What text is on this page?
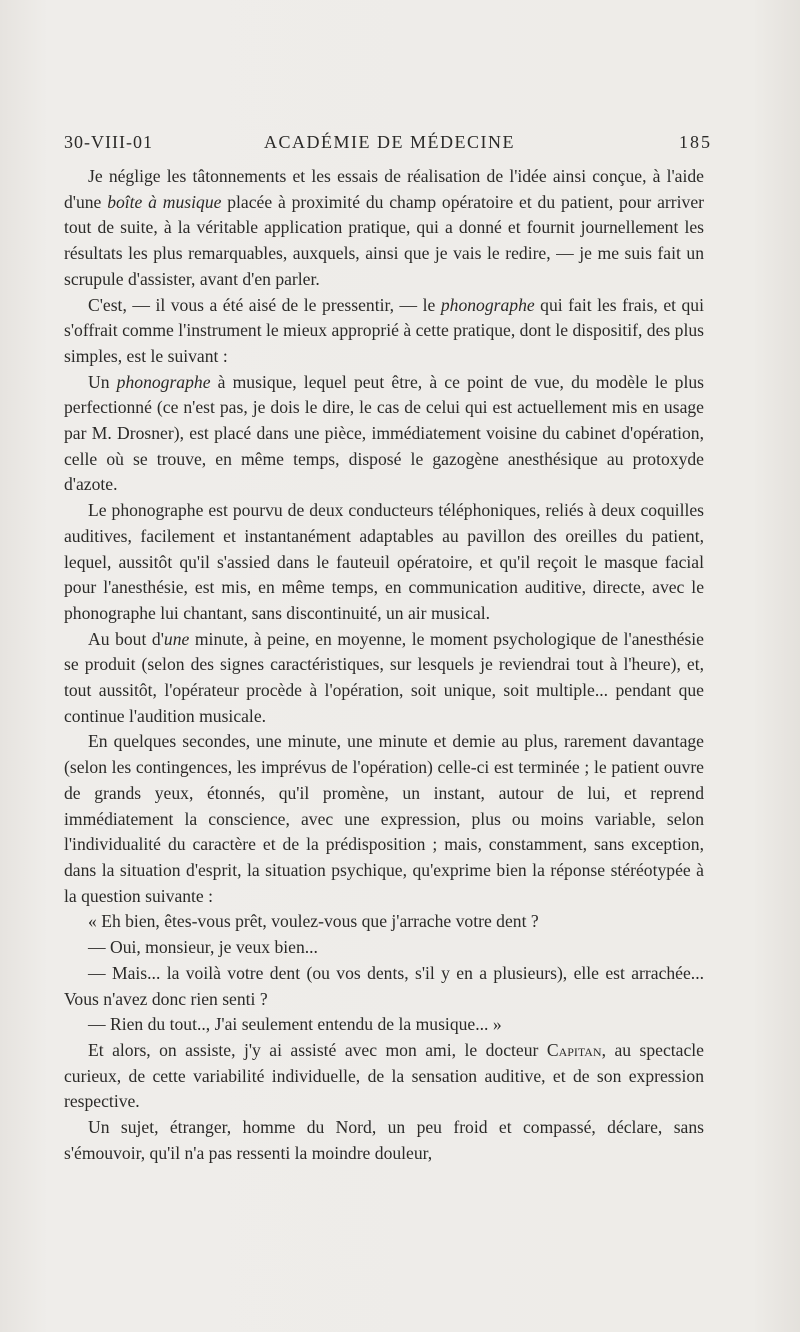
30-VIII-01	ACADÉMIE DE MÉDECINE	185

Je néglige les tâtonnements et les essais de réalisation de l'idée ainsi conçue, à l'aide d'une boîte à musique placée à proximité du champ opératoire et du patient, pour arriver tout de suite, à la véritable application pratique, qui a donné et fournit journellement les résultats les plus remarquables, auxquels, ainsi que je vais le redire, — je me suis fait un scrupule d'assister, avant d'en parler.

C'est, — il vous a été aisé de le pressentir, — le phonographe qui fait les frais, et qui s'offrait comme l'instrument le mieux approprié à cette pratique, dont le dispositif, des plus simples, est le suivant :

Un phonographe à musique, lequel peut être, à ce point de vue, du modèle le plus perfectionné (ce n'est pas, je dois le dire, le cas de celui qui est actuellement mis en usage par M. Drosner), est placé dans une pièce, immédiatement voisine du cabinet d'opération, celle où se trouve, en même temps, disposé le gazogène anesthésique au protoxyde d'azote.

Le phonographe est pourvu de deux conducteurs téléphoniques, reliés à deux coquilles auditives, facilement et instantanément adaptables au pavillon des oreilles du patient, lequel, aussitôt qu'il s'assied dans le fauteuil opératoire, et qu'il reçoit le masque facial pour l'anesthésie, est mis, en même temps, en communication auditive, directe, avec le phonographe lui chantant, sans discontinuité, un air musical.

Au bout d'une minute, à peine, en moyenne, le moment psychologique de l'anesthésie se produit (selon des signes caractéristiques, sur lesquels je reviendrai tout à l'heure), et, tout aussitôt, l'opérateur procède à l'opération, soit unique, soit multiple... pendant que continue l'audition musicale.

En quelques secondes, une minute, une minute et demie au plus, rarement davantage (selon les contingences, les imprévus de l'opération) celle-ci est terminée ; le patient ouvre de grands yeux, étonnés, qu'il promène, un instant, autour de lui, et reprend immédiatement la conscience, avec une expression, plus ou moins variable, selon l'individualité du caractère et de la prédisposition ; mais, constamment, sans exception, dans la situation d'esprit, la situation psychique, qu'exprime bien la réponse stéréotypée à la question suivante :

« Eh bien, êtes-vous prêt, voulez-vous que j'arrache votre dent ?

— Oui, monsieur, je veux bien...

— Mais... la voilà votre dent (ou vos dents, s'il y en a plusieurs), elle est arrachée... Vous n'avez donc rien senti ?

— Rien du tout.., J'ai seulement entendu de la musique... »

Et alors, on assiste, j'y ai assisté avec mon ami, le docteur Capitan, au spectacle curieux, de cette variabilité individuelle, de la sensation auditive, et de son expression respective.

Un sujet, étranger, homme du Nord, un peu froid et compassé, déclare, sans s'émouvoir, qu'il n'a pas ressenti la moindre douleur,
